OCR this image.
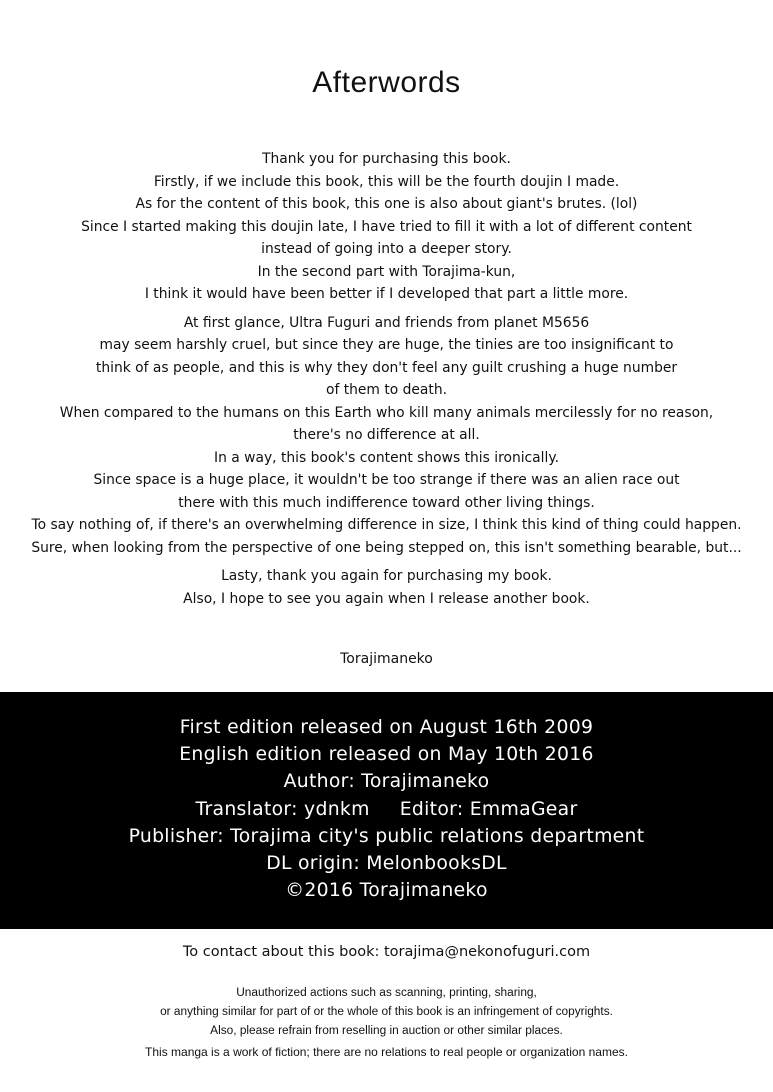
Afterwords

Thank you for purchasing this book.
Firstly, if we include this book, this will be the fourth doujin I made.
As for the content of this book, this one is also about giant's brutes. (lol)
Since I started making this doujin late, I have tried to fill it with a lot of different content
instead of going into a deeper story.
In the second part with Torajima-kun,
I think it would have been better if I developed that part a little more.

At first glance, Ultra Fuguri and friends from planet M5656
may seem harshly cruel, but since they are huge, the tinies are too insignificant to
think of as people, and this is why they don't feel any guilt crushing a huge number
of them to death.
When compared to the humans on this Earth who kill many animals mercilessly for no reason,
there's no difference at all.
In a way, this book's content shows this ironically.
Since space is a huge place, it wouldn't be too strange if there was an alien race out
there with this much indifference toward other living things.
To say nothing of, if there's an overwhelming difference in size, I think this kind of thing could happen.
Sure, when looking from the perspective of one being stepped on, this isn't something bearable, but...

Lasty, thank you again for purchasing my book.
Also, I hope to see you again when I release another book.

Torajimaneko
First edition released on August 16th 2009
English edition released on May 10th 2016
Author: Torajimaneko
Translator: ydnkm Editor: EmmaGear
Publisher: Torajima city's public relations department
DL origin: MelonbooksDL
©2016 Torajimaneko
To contact about this book: torajima@nekonofuguri.com
Unauthorized actions such as scanning, printing, sharing,
or anything similar for part of or the whole of this book is an infringement of copyrights.
Also, please refrain from reselling in auction or other similar places.
This manga is a work of fiction; there are no relations to real people or organization names.
